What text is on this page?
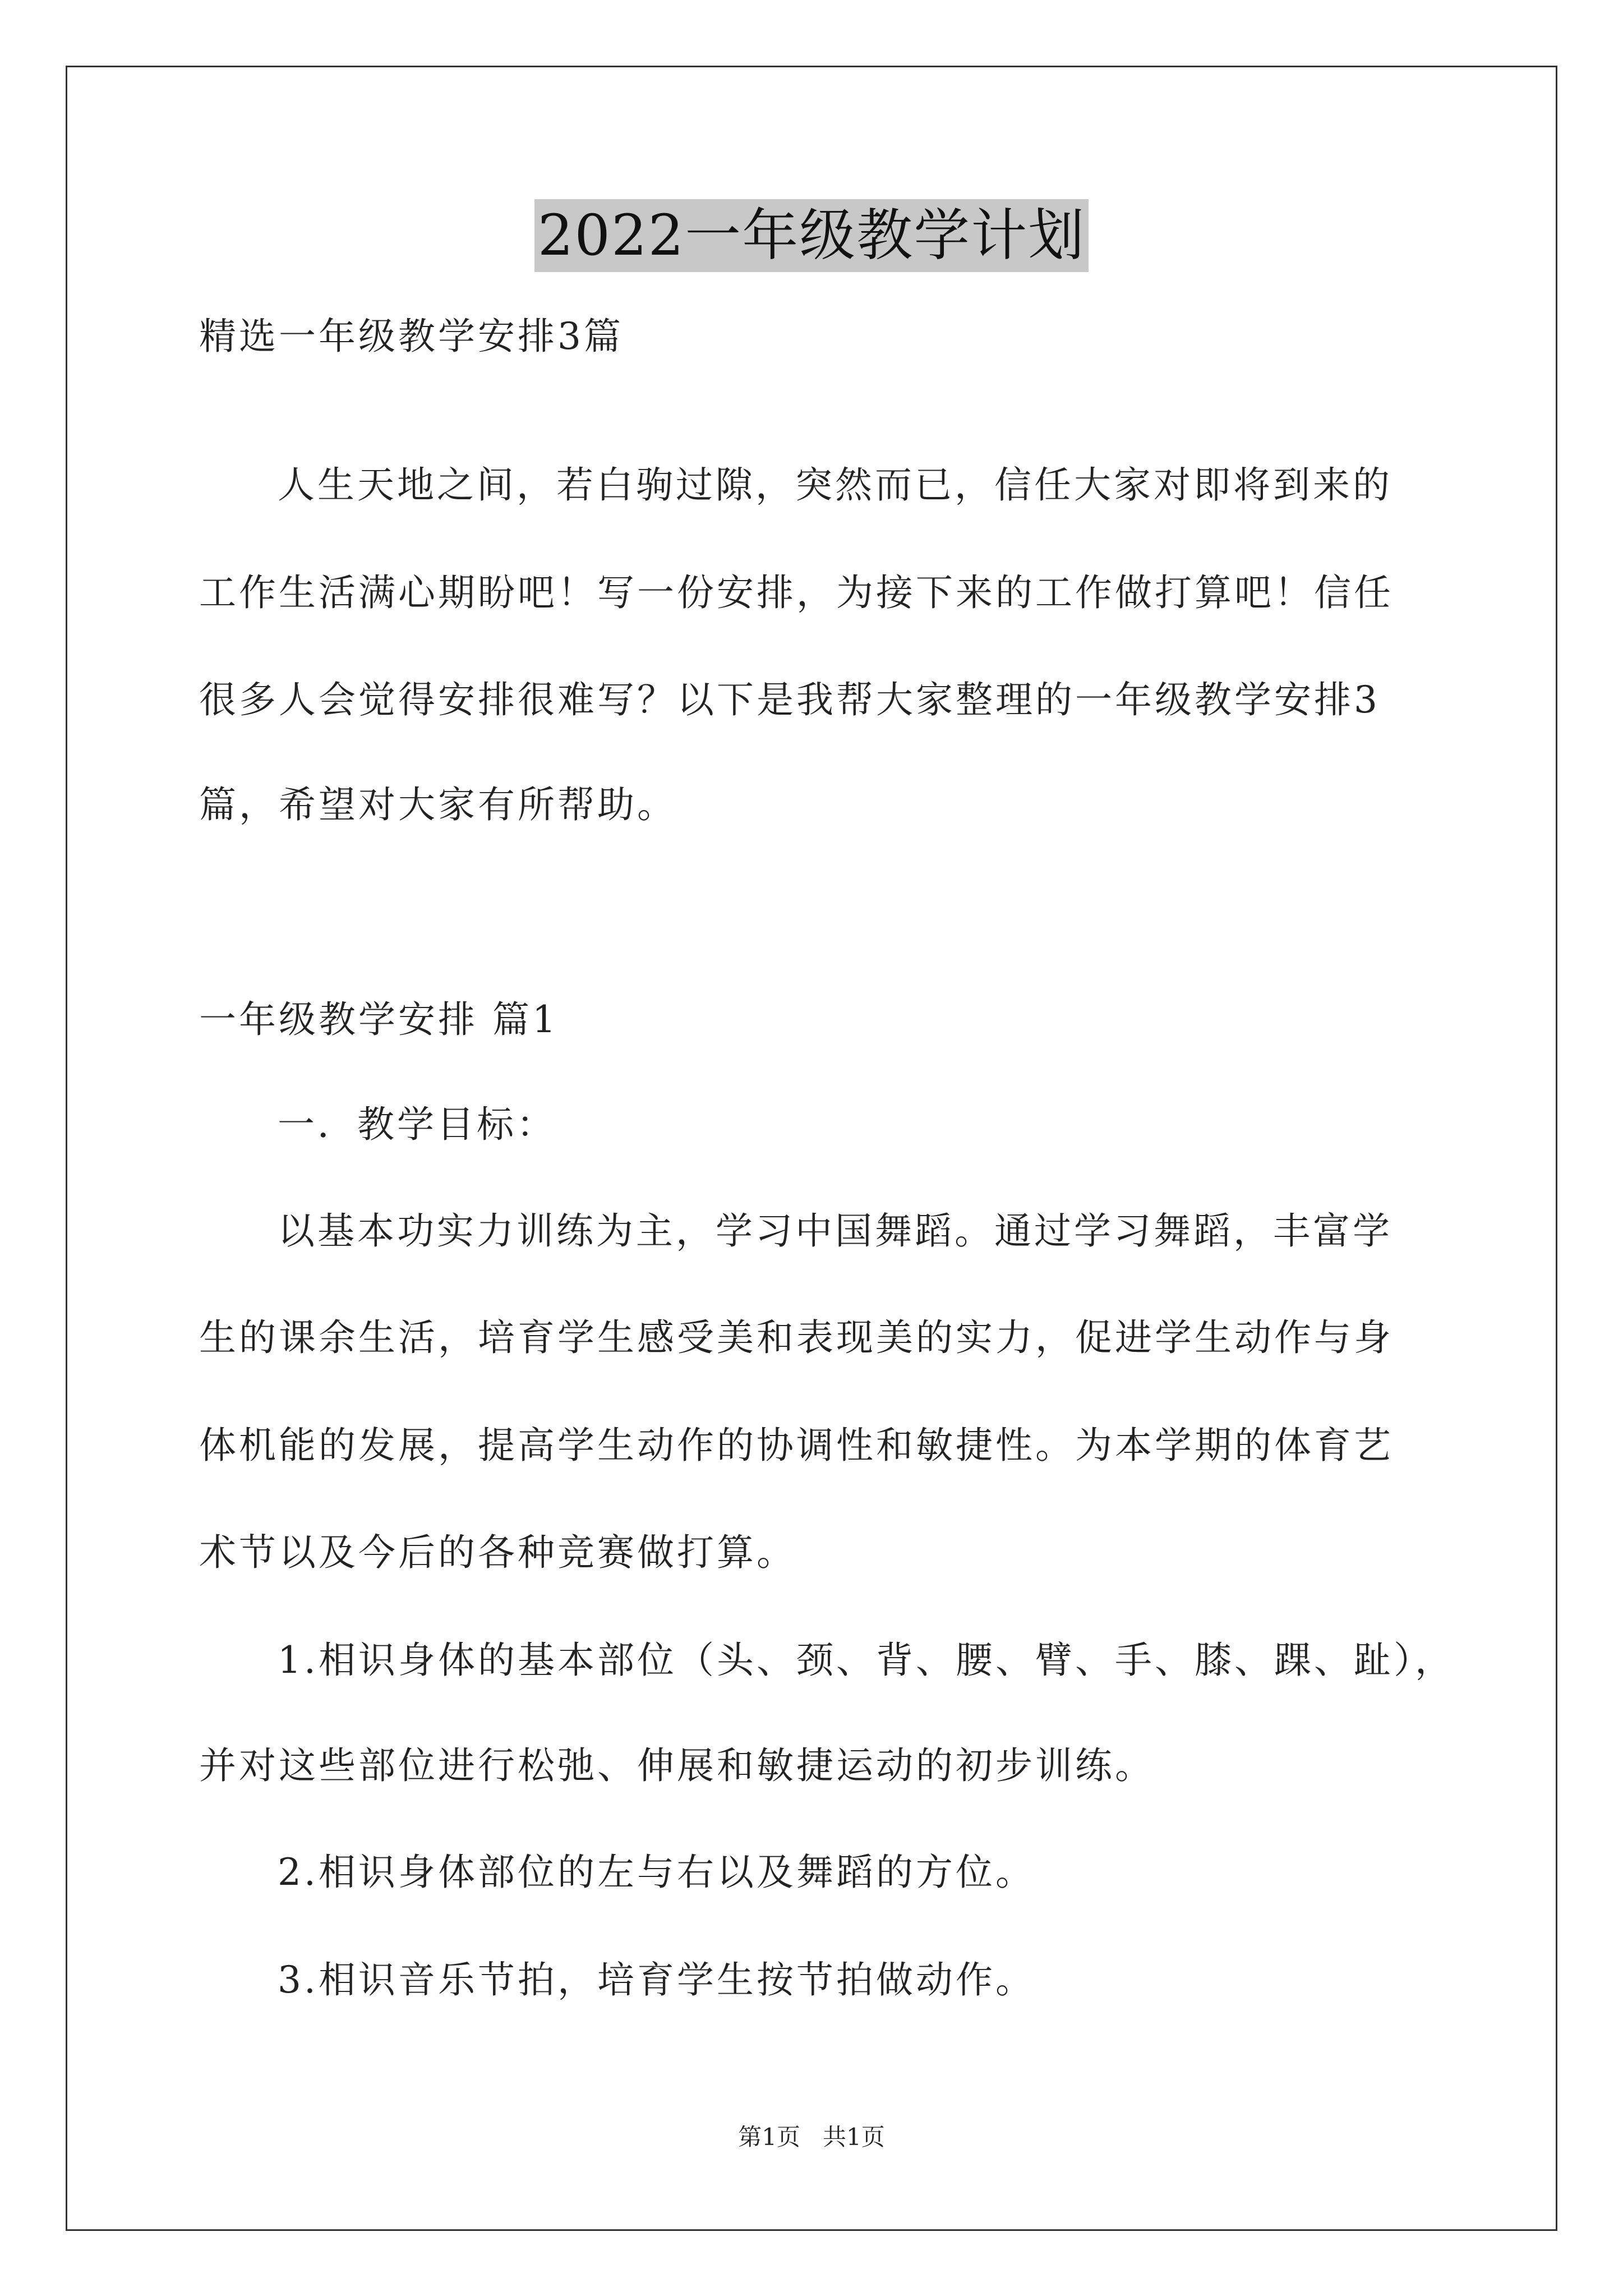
2022一年级教学计划
精选一年级教学安排3篇
人生天地之间，若白驹过隙，突然而已，信任大家对即将到来的
工作生活满心期盼吧！写一份安排，为接下来的工作做打算吧！信任
很多人会觉得安排很难写？以下是我帮大家整理的一年级教学安排3
篇，希望对大家有所帮助。
一年级教学安排 篇1
一．教学目标：
以基本功实力训练为主，学习中国舞蹈。通过学习舞蹈，丰富学
生的课余生活，培育学生感受美和表现美的实力，促进学生动作与身
体机能的发展，提高学生动作的协调性和敏捷性。为本学期的体育艺
术节以及今后的各种竞赛做打算。
1.相识身体的基本部位（头、颈、背、腰、臂、手、膝、踝、趾），
并对这些部位进行松弛、伸展和敏捷运动的初步训练。
2.相识身体部位的左与右以及舞蹈的方位。
3.相识音乐节拍，培育学生按节拍做动作。
第1页 共1页
